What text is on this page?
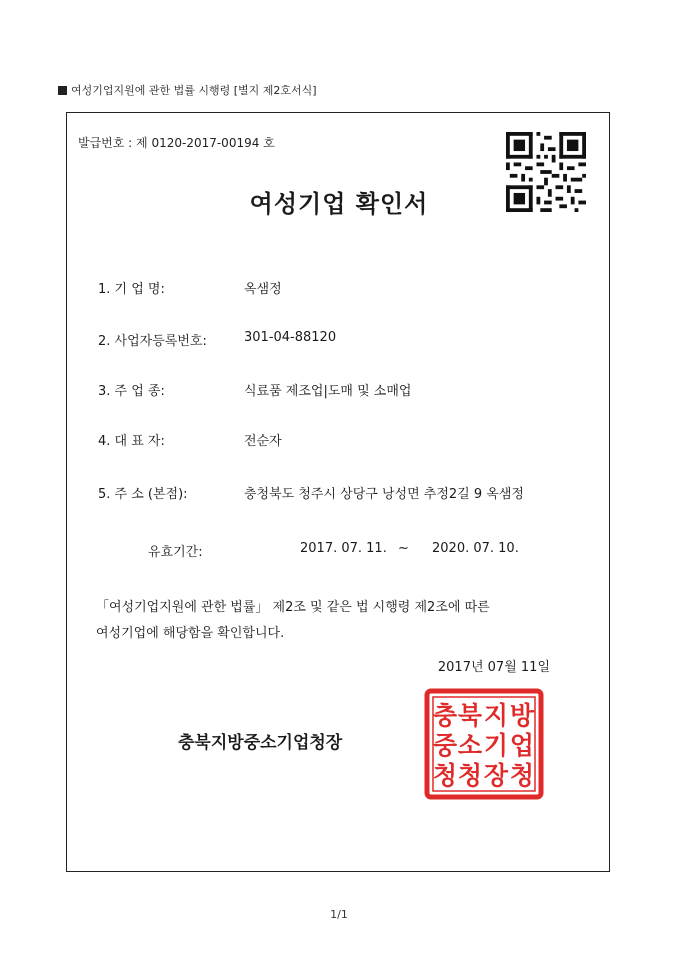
여성기업지원에 관한 법률 시행령 [별지 제2호서식]
발급번호 : 제 0120-2017-00194 호
여성기업 확인서
1. 기 업 명:	옥샘정
2. 사업자등록번호:	301-04-88120
3. 주 업 종:	식료품 제조업|도매 및 소매업
4. 대 표 자:	전순자
5. 주 소 (본점):	충청북도 청주시 상당구 낭성면 추정2길 9 옥샘정
유효기간:	2017. 07. 11. ~ 2020. 07. 10.
「여성기업지원에 관한 법률」 제2조 및 같은 법 시행령 제2조에 따른
여성기업에 해당함을 확인합니다.
2017년 07월 11일
충북지방중소기업청장
방
업
청
지
기
장
북
소
청
충
중
청
1/1
